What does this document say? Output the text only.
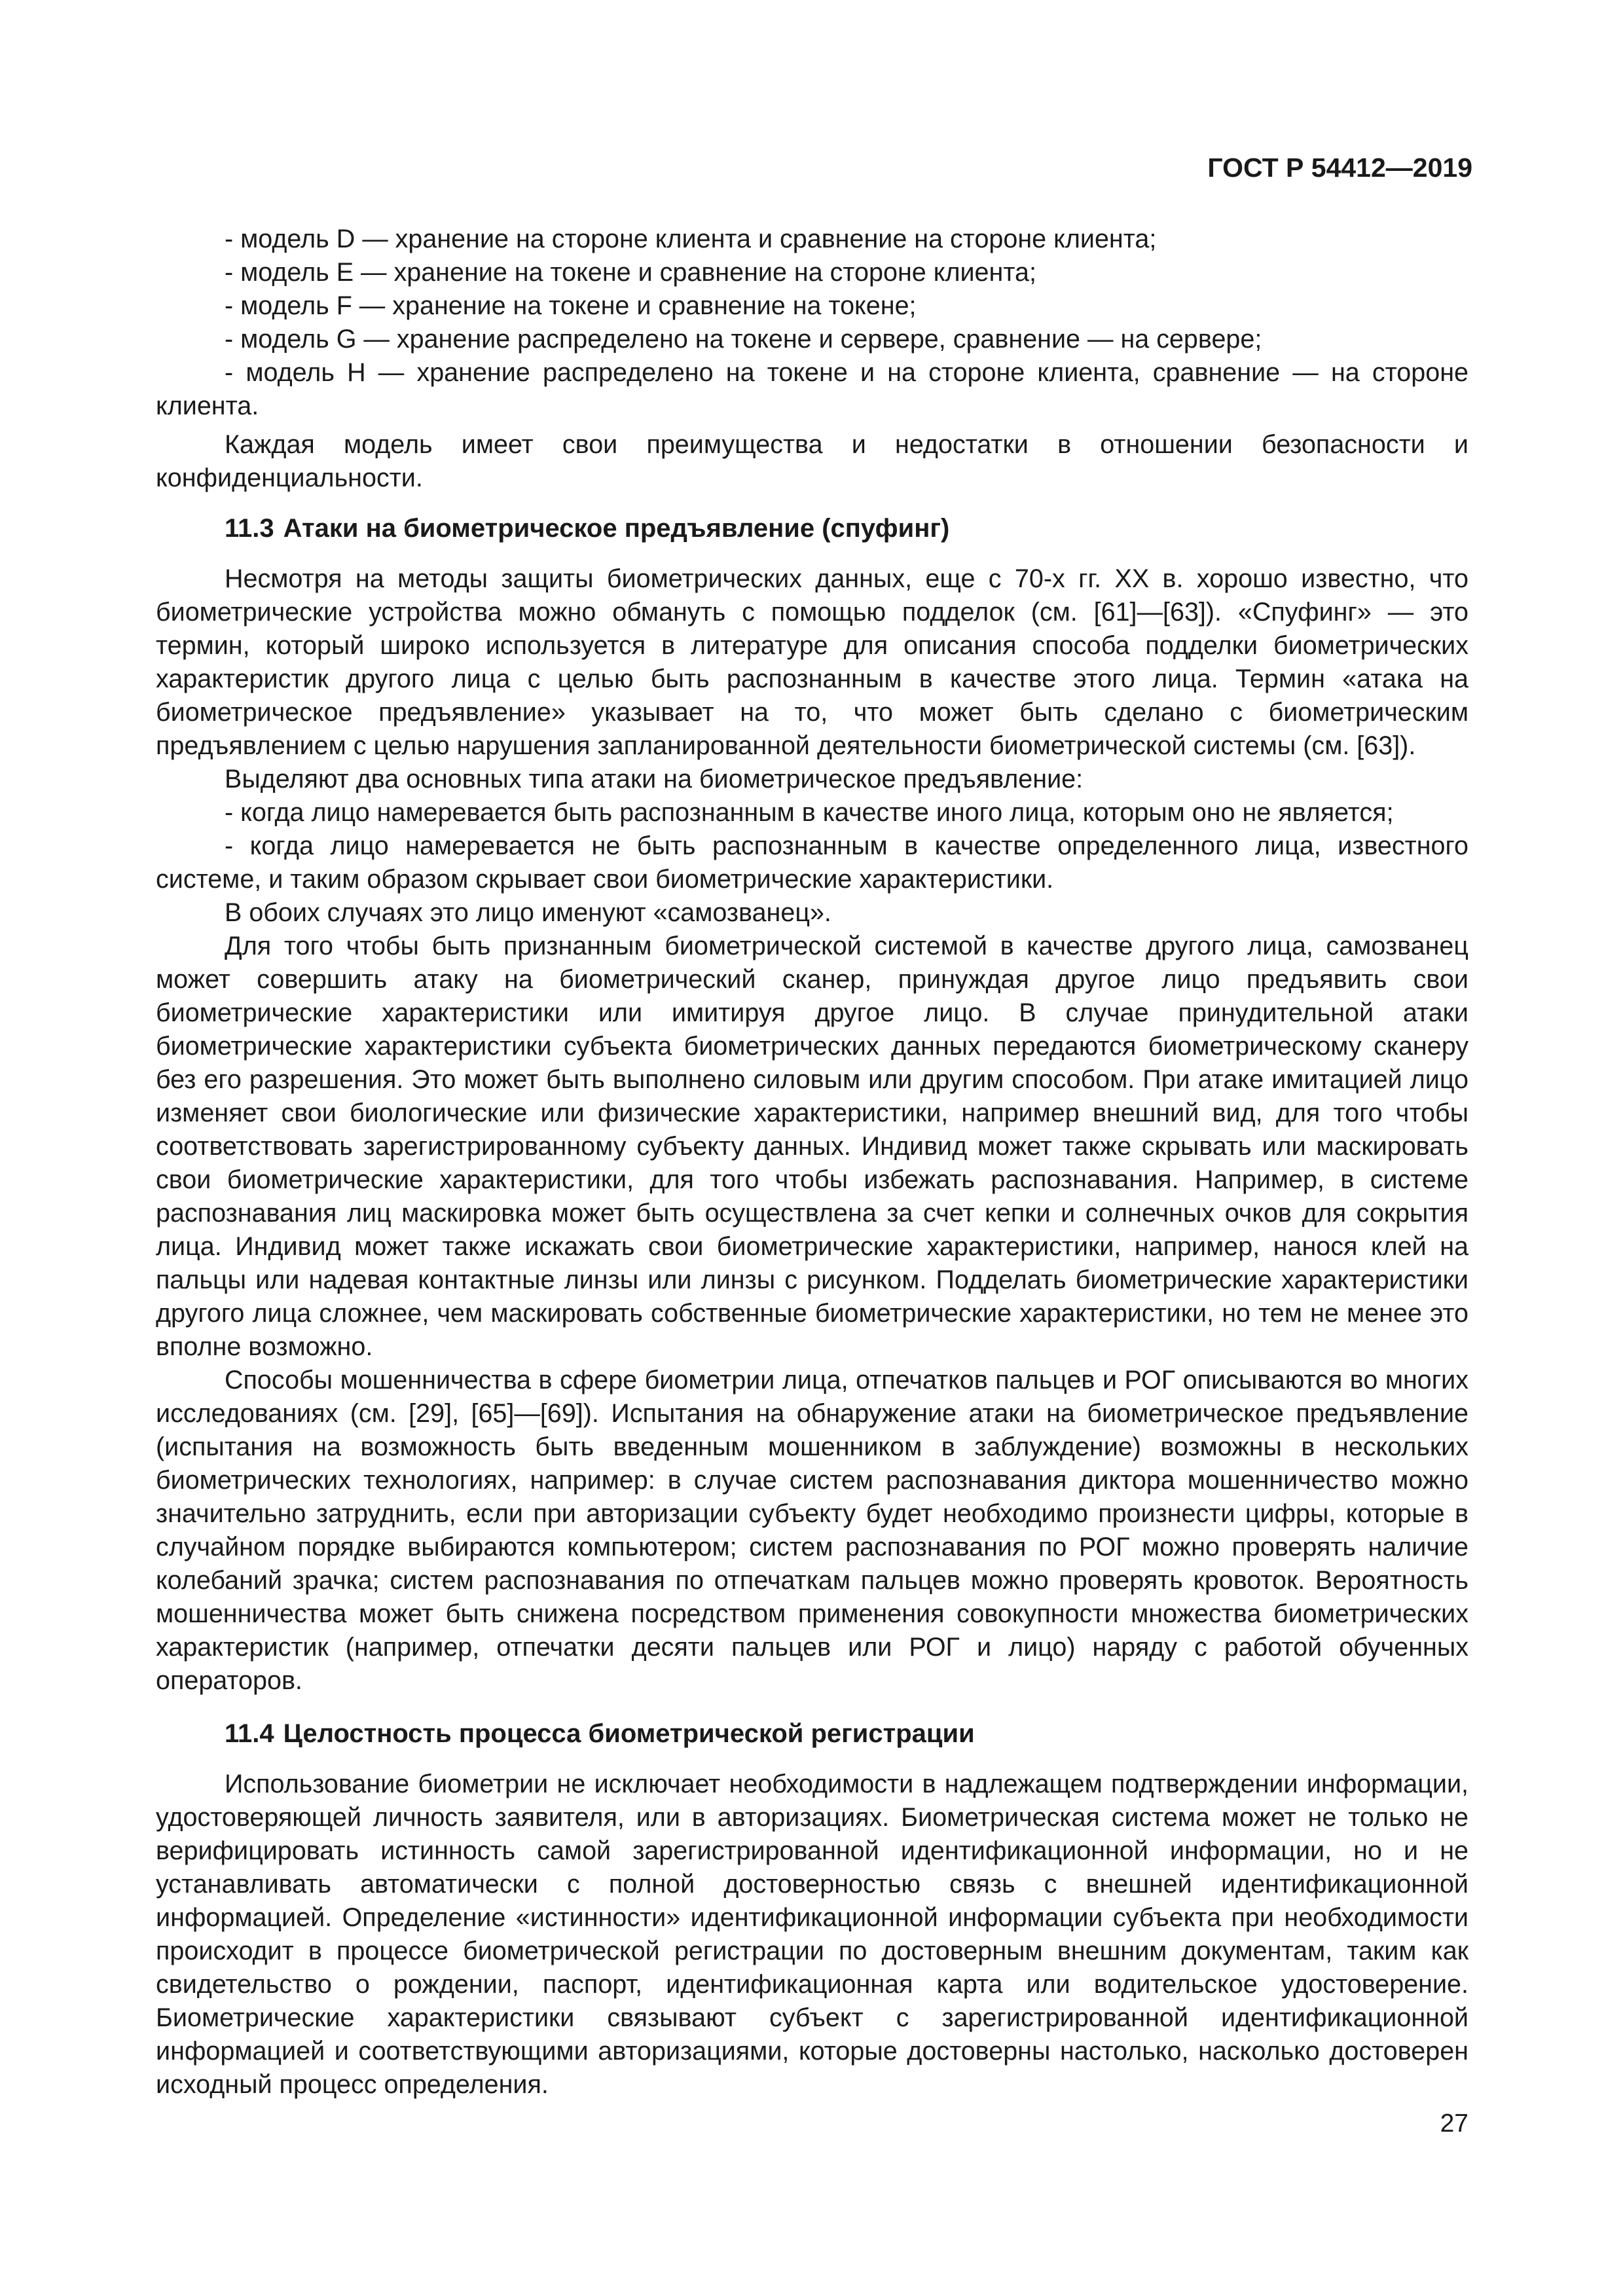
ГОСТ Р 54412—2019

- модель D — хранение на стороне клиента и сравнение на стороне клиента;

- модель E — хранение на токене и сравнение на стороне клиента;

- модель F — хранение на токене и сравнение на токене;

- модель G — хранение распределено на токене и сервере, сравнение — на сервере;

- модель H — хранение распределено на токене и на стороне клиента, сравнение — на стороне клиента.

Каждая модель имеет свои преимущества и недостатки в отношении безопасности и конфиденциальности.

11.3 Атаки на биометрическое предъявление (спуфинг)

Несмотря на методы защиты биометрических данных, еще с 70-х гг. XX в. хорошо известно, что биометрические устройства можно обмануть с помощью подделок (см. [61]—[63]). «Спуфинг» — это термин, который широко используется в литературе для описания способа подделки биометрических характеристик другого лица с целью быть распознанным в качестве этого лица. Термин «атака на биометрическое предъявление» указывает на то, что может быть сделано с биометрическим предъявлением с целью нарушения запланированной деятельности биометрической системы (см. [63]).

Выделяют два основных типа атаки на биометрическое предъявление:

- когда лицо намеревается быть распознанным в качестве иного лица, которым оно не является;

- когда лицо намеревается не быть распознанным в качестве определенного лица, известного системе, и таким образом скрывает свои биометрические характеристики.

В обоих случаях это лицо именуют «самозванец».

Для того чтобы быть признанным биометрической системой в качестве другого лица, самозванец может совершить атаку на биометрический сканер, принуждая другое лицо предъявить свои биометрические характеристики или имитируя другое лицо. В случае принудительной атаки биометрические характеристики субъекта биометрических данных передаются биометрическому сканеру без его разрешения. Это может быть выполнено силовым или другим способом. При атаке имитацией лицо изменяет свои биологические или физические характеристики, например внешний вид, для того чтобы соответствовать зарегистрированному субъекту данных. Индивид может также скрывать или маскировать свои биометрические характеристики, для того чтобы избежать распознавания. Например, в системе распознавания лиц маскировка может быть осуществлена за счет кепки и солнечных очков для сокрытия лица. Индивид может также искажать свои биометрические характеристики, например, нанося клей на пальцы или надевая контактные линзы или линзы с рисунком. Подделать биометрические характеристики другого лица сложнее, чем маскировать собственные биометрические характеристики, но тем не менее это вполне возможно.

Способы мошенничества в сфере биометрии лица, отпечатков пальцев и РОГ описываются во многих исследованиях (см. [29], [65]—[69]). Испытания на обнаружение атаки на биометрическое предъявление (испытания на возможность быть введенным мошенником в заблуждение) возможны в нескольких биометрических технологиях, например: в случае систем распознавания диктора мошенничество можно значительно затруднить, если при авторизации субъекту будет необходимо произнести цифры, которые в случайном порядке выбираются компьютером; систем распознавания по РОГ можно проверять наличие колебаний зрачка; систем распознавания по отпечаткам пальцев можно проверять кровоток. Вероятность мошенничества может быть снижена посредством применения совокупности множества биометрических характеристик (например, отпечатки десяти пальцев или РОГ и лицо) наряду с работой обученных операторов.

11.4 Целостность процесса биометрической регистрации

Использование биометрии не исключает необходимости в надлежащем подтверждении информации, удостоверяющей личность заявителя, или в авторизациях. Биометрическая система может не только не верифицировать истинность самой зарегистрированной идентификационной информации, но и не устанавливать автоматически с полной достоверностью связь с внешней идентификационной информацией. Определение «истинности» идентификационной информации субъекта при необходимости происходит в процессе биометрической регистрации по достоверным внешним документам, таким как свидетельство о рождении, паспорт, идентификационная карта или водительское удостоверение. Биометрические характеристики связывают субъект с зарегистрированной идентификационной информацией и соответствующими авторизациями, которые достоверны настолько, насколько достоверен исходный процесс определения.

27
